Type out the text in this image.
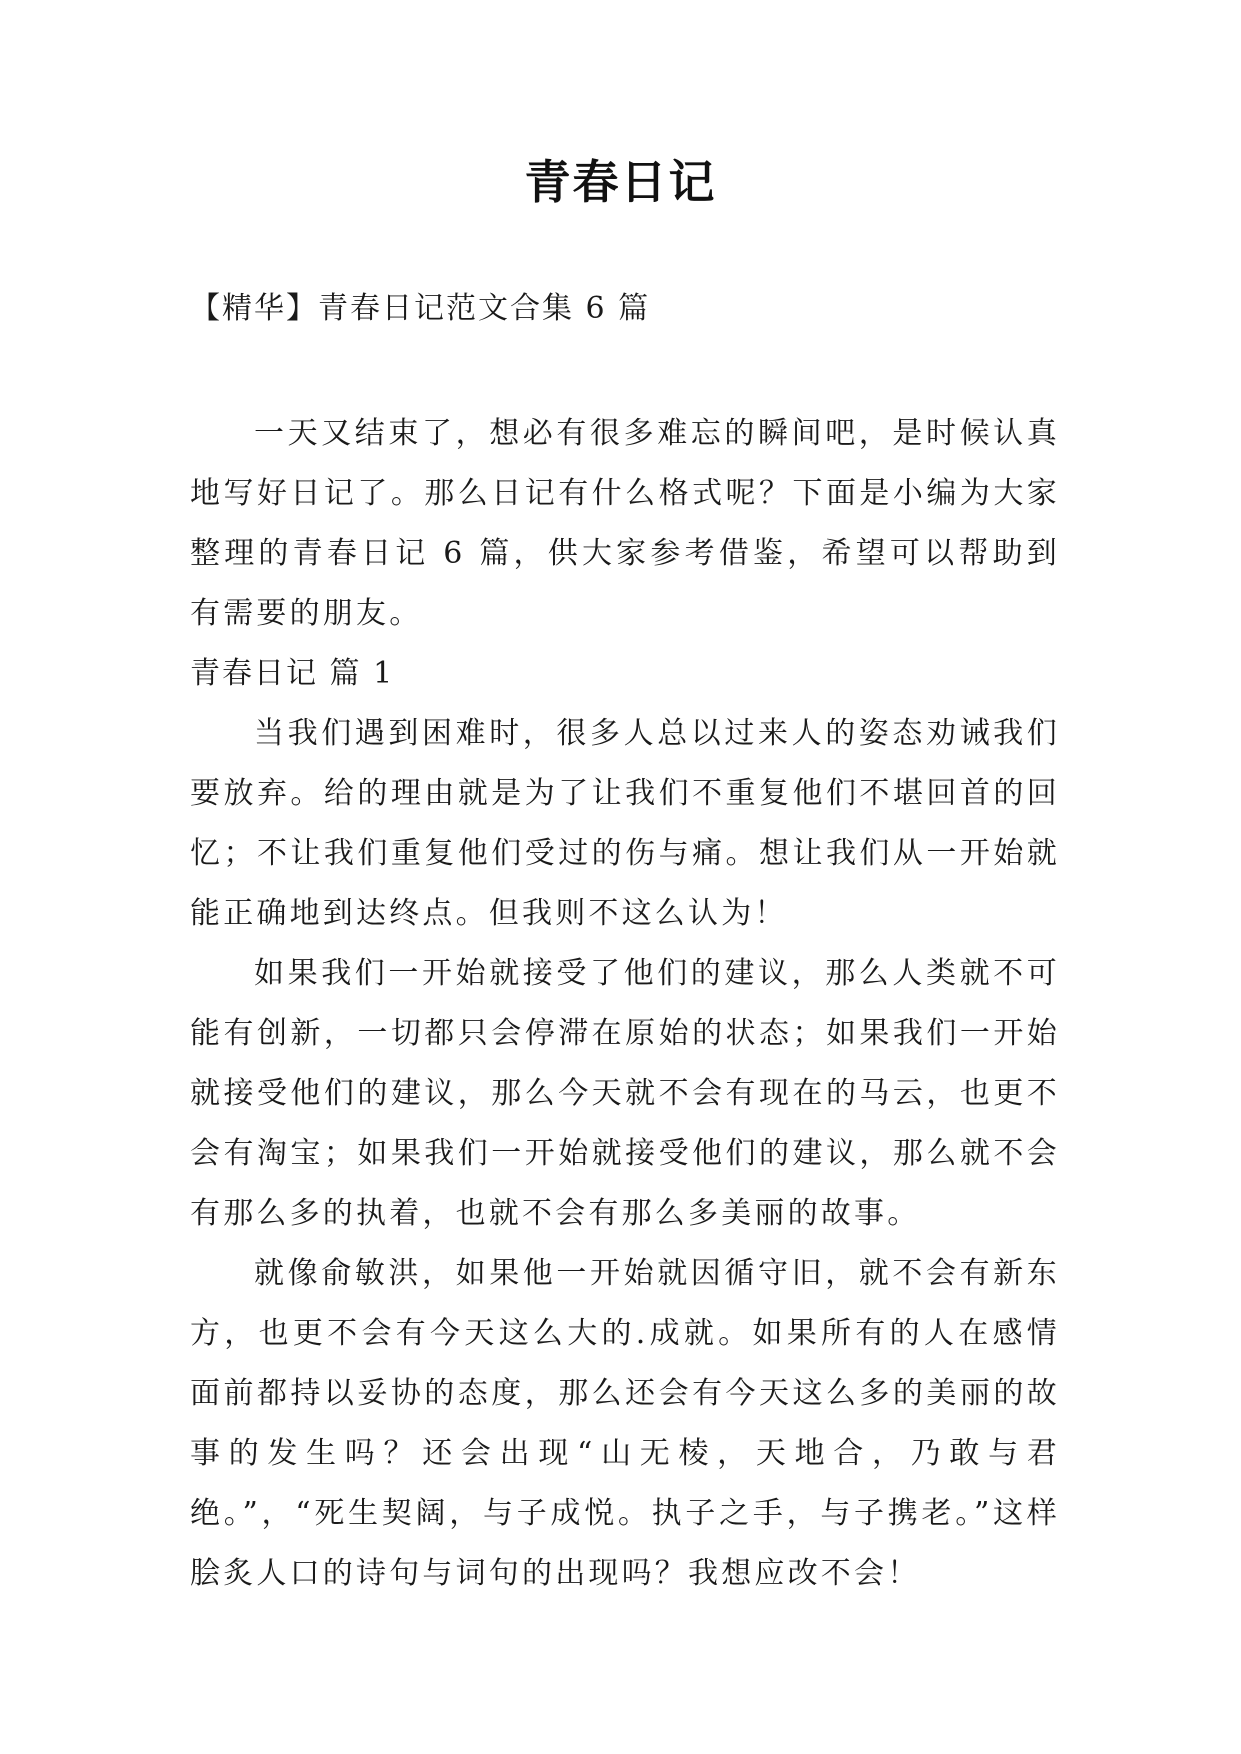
青春日记
【精华】青春日记范文合集 6 篇

一天又结束了，想必有很多难忘的瞬间吧，是时候认真地写好日记了。那么日记有什么格式呢？下面是小编为大家整理的青春日记 6 篇，供大家参考借鉴，希望可以帮助到有需要的朋友。

青春日记 篇 1

当我们遇到困难时，很多人总以过来人的姿态劝诫我们要放弃。给的理由就是为了让我们不重复他们不堪回首的回忆；不让我们重复他们受过的伤与痛。想让我们从一开始就能正确地到达终点。但我则不这么认为！

如果我们一开始就接受了他们的建议，那么人类就不可能有创新，一切都只会停滞在原始的状态；如果我们一开始就接受他们的建议，那么今天就不会有现在的马云，也更不会有淘宝；如果我们一开始就接受他们的建议，那么就不会有那么多的执着，也就不会有那么多美丽的故事。

就像俞敏洪，如果他一开始就因循守旧，就不会有新东方，也更不会有今天这么大的.成就。如果所有的人在感情面前都持以妥协的态度，那么还会有今天这么多的美丽的故事的发生吗？还会出现“山无棱，天地合，乃敢与君绝。”，“死生契阔，与子成悦。执子之手，与子携老。”这样脍炙人口的诗句与词句的出现吗？我想应改不会！
